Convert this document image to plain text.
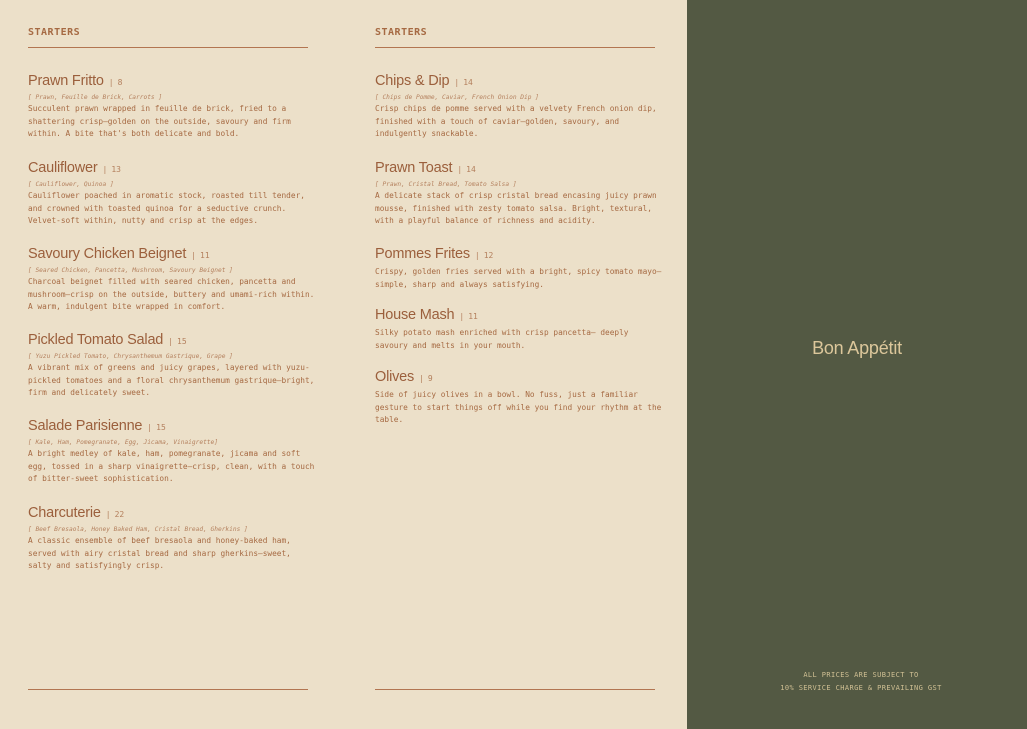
STARTERS
Prawn Fritto | 8
[ Prawn, Feuille de Brick, Carrots ]
Succulent prawn wrapped in feuille de brick, fried to a shattering crisp—golden on the outside, savoury and firm within. A bite that's both delicate and bold.
Cauliflower | 13
[ Cauliflower, Quinoa ]
Cauliflower poached in aromatic stock, roasted till tender, and crowned with toasted quinoa for a seductive crunch. Velvet-soft within, nutty and crisp at the edges.
Savoury Chicken Beignet | 11
[ Seared Chicken, Pancetta, Mushroom, Savoury Beignet ]
Charcoal beignet filled with seared chicken, pancetta and mushroom—crisp on the outside, buttery and umami-rich within. A warm, indulgent bite wrapped in comfort.
Pickled Tomato Salad | 15
[ Yuzu Pickled Tomato, Chrysanthemum Gastrique, Grape ]
A vibrant mix of greens and juicy grapes, layered with yuzu-pickled tomatoes and a floral chrysanthemum gastrique—bright, firm and delicately sweet.
Salade Parisienne | 15
[ Kale, Ham, Pomegranate, Egg, Jicama, Vinaigrette]
A bright medley of kale, ham, pomegranate, jicama and soft egg, tossed in a sharp vinaigrette—crisp, clean, with a touch of bitter-sweet sophistication.
Charcuterie | 22
[ Beef Bresaola, Honey Baked Ham, Cristal Bread, Gherkins ]
A classic ensemble of beef bresaola and honey-baked ham, served with airy cristal bread and sharp gherkins—sweet, salty and satisfyingly crisp.
STARTERS
Chips & Dip | 14
[ Chips de Pomme, Caviar, French Onion Dip ]
Crisp chips de pomme served with a velvety French onion dip, finished with a touch of caviar—golden, savoury, and indulgently snackable.
Prawn Toast | 14
[ Prawn, Cristal Bread, Tomato Salsa ]
A delicate stack of crisp cristal bread encasing juicy prawn mousse, finished with zesty tomato salsa. Bright, textural, with a playful balance of richness and acidity.
Pommes Frites | 12
Crispy, golden fries served with a bright, spicy tomato mayo—simple, sharp and always satisfying.
House Mash | 11
Silky potato mash enriched with crisp pancetta— deeply savoury and melts in your mouth.
Olives | 9
Side of juicy olives in a bowl. No fuss, just a familiar gesture to start things off while you find your rhythm at the table.
Bon Appétit
ALL PRICES ARE SUBJECT TO
10% SERVICE CHARGE & PREVAILING GST
